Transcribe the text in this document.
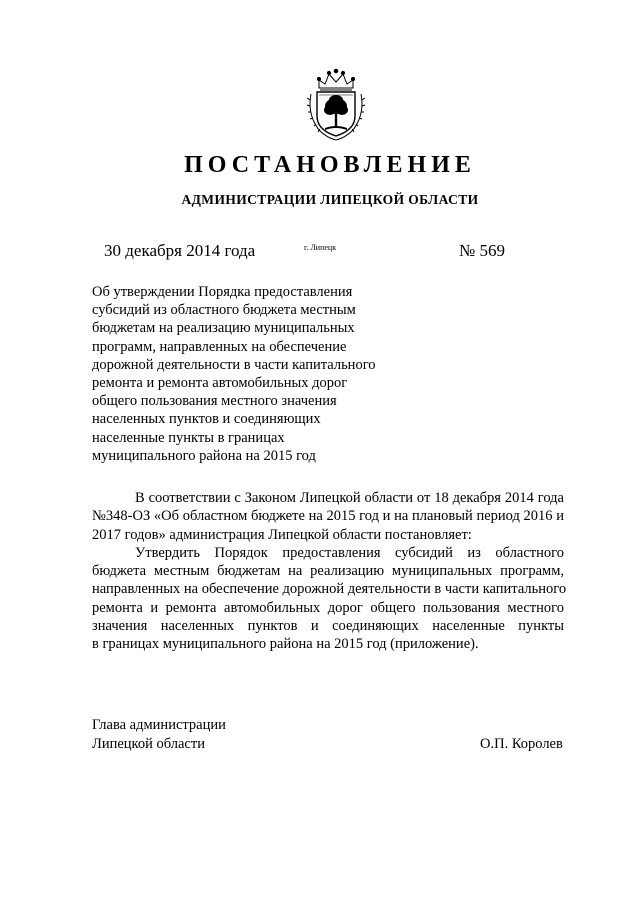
ПОСТАНОВЛЕНИЕ
АДМИНИСТРАЦИИ ЛИПЕЦКОЙ ОБЛАСТИ
30 декабря 2014 года	г. Липецк	№ 569
Об утверждении Порядка предоставления
субсидий из областного бюджета местным
бюджетам на реализацию муниципальных
программ, направленных на обеспечение
дорожной деятельности в части капитального
ремонта и ремонта автомобильных дорог
общего пользования местного значения
населенных пунктов и соединяющих
населенные пункты в границах
муниципального района на 2015 год
В соответствии с Законом Липецкой области от 18 декабря 2014 года
№348-ОЗ «Об областном бюджете на 2015 год и на плановый период 2016 и
2017 годов» администрация Липецкой области постановляет:
Утвердить Порядок предоставления субсидий из областного
бюджета местным бюджетам на реализацию муниципальных программ,
направленных на обеспечение дорожной деятельности в части капитального
ремонта и ремонта автомобильных дорог общего пользования местного
значения населенных пунктов и соединяющих населенные пункты
в границах муниципального района на 2015 год (приложение).
Глава администрации
Липецкой области	О.П. Королев
